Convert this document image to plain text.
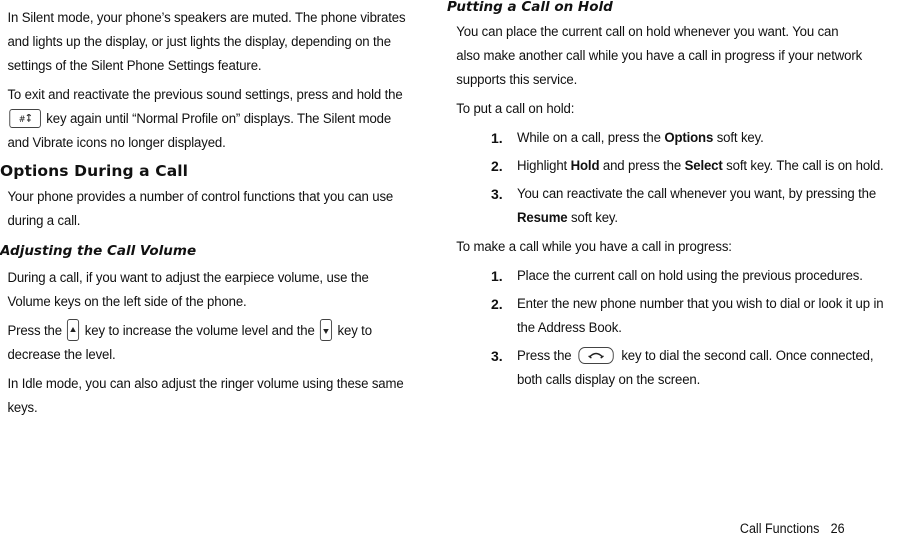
In Silent mode, your phone’s speakers are muted. The phone vibrates and lights up the display, or just lights the display, depending on the settings of the Silent Phone Settings feature.

To exit and reactivate the previous sound settings, press and hold the

# key again until “Normal Profile on” displays. The Silent mode and Vibrate icons no longer displayed.

Options During a Call

Your phone provides a number of control functions that you can use during a call.

Adjusting the Call Volume

During a call, if you want to adjust the earpiece volume, use the Volume keys on the left side of the phone.

Press the key to increase the volume level and the key to decrease the level.

In Idle mode, you can also adjust the ringer volume using these same keys.

Putting a Call on Hold

You can place the current call on hold whenever you want. You can also make another call while you have a call in progress if your network supports this service.

To put a call on hold:

1. While on a call, press the Options soft key.

2. Highlight Hold and press the Select soft key. The call is on hold.

3. You can reactivate the call whenever you want, by pressing the Resume soft key.

To make a call while you have a call in progress:

1. Place the current call on hold using the previous procedures.

2. Enter the new phone number that you wish to dial or look it up in the Address Book.

3. Press the	key to dial the second call. Once connected, both calls display on the screen.

Call Functions 26
